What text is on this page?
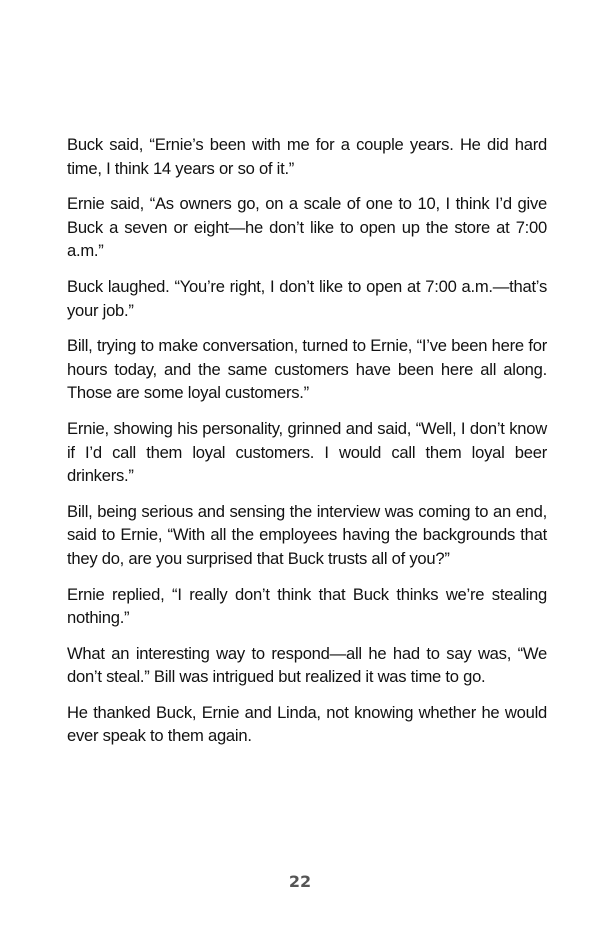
Buck said, “Ernie’s been with me for a couple years. He did hard time, I think 14 years or so of it.”

Ernie said, “As owners go, on a scale of one to 10, I think I’d give Buck a seven or eight—he don’t like to open up the store at 7:00 a.m.”

Buck laughed. “You’re right, I don’t like to open at 7:00 a.m.—that’s your job.”

Bill, trying to make conversation, turned to Ernie, “I’ve been here for hours today, and the same customers have been here all along. Those are some loyal customers.”

Ernie, showing his personality, grinned and said, “Well, I don’t know if I’d call them loyal customers. I would call them loyal beer drinkers.”

Bill, being serious and sensing the interview was coming to an end, said to Ernie, “With all the employees having the backgrounds that they do, are you surprised that Buck trusts all of you?”

Ernie replied, “I really don’t think that Buck thinks we’re stealing nothing.”

What an interesting way to respond—all he had to say was, “We don’t steal.” Bill was intrigued but realized it was time to go.

He thanked Buck, Ernie and Linda, not knowing whether he would ever speak to them again.

22
